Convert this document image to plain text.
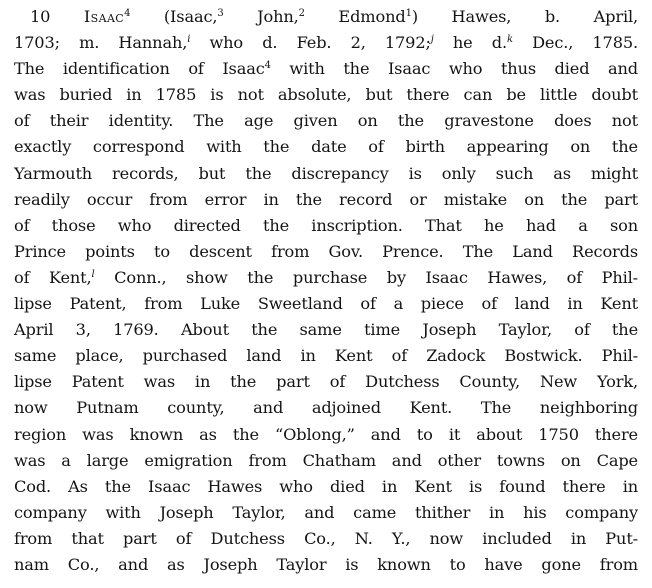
10 Isaac$^4$ (Isaac,$^3$ John,$^2$ Edmond$^1$) Hawes, b. April,
1703; m. Hannah,$^i$ who d. Feb. 2, 1792;$^j$ he d.$^k$ Dec., 1785.
The identification of Isaac$^4$ with the Isaac who thus died and
was buried in 1785 is not absolute, but there can be little doubt
of their identity. The age given on the gravestone does not
exactly correspond with the date of birth appearing on the
Yarmouth records, but the discrepancy is only such as might
readily occur from error in the record or mistake on the part
of those who directed the inscription. That he had a son
Prince points to descent from Gov. Prence. The Land Records
of Kent,$^l$ Conn., show the purchase by Isaac Hawes, of Phil-
lipse Patent, from Luke Sweetland of a piece of land in Kent
April 3, 1769. About the same time Joseph Taylor, of the
same place, purchased land in Kent of Zadock Bostwick. Phil-
lipse Patent was in the part of Dutchess County, New York,
now Putnam county, and adjoined Kent. The neighboring
region was known as the “Oblong,” and to it about 1750 there
was a large emigration from Chatham and other towns on Cape
Cod. As the Isaac Hawes who died in Kent is found there in
company with Joseph Taylor, and came thither in his company
from that part of Dutchess Co., N. Y., now included in Put-
nam Co., and as Joseph Taylor is known to have gone from
